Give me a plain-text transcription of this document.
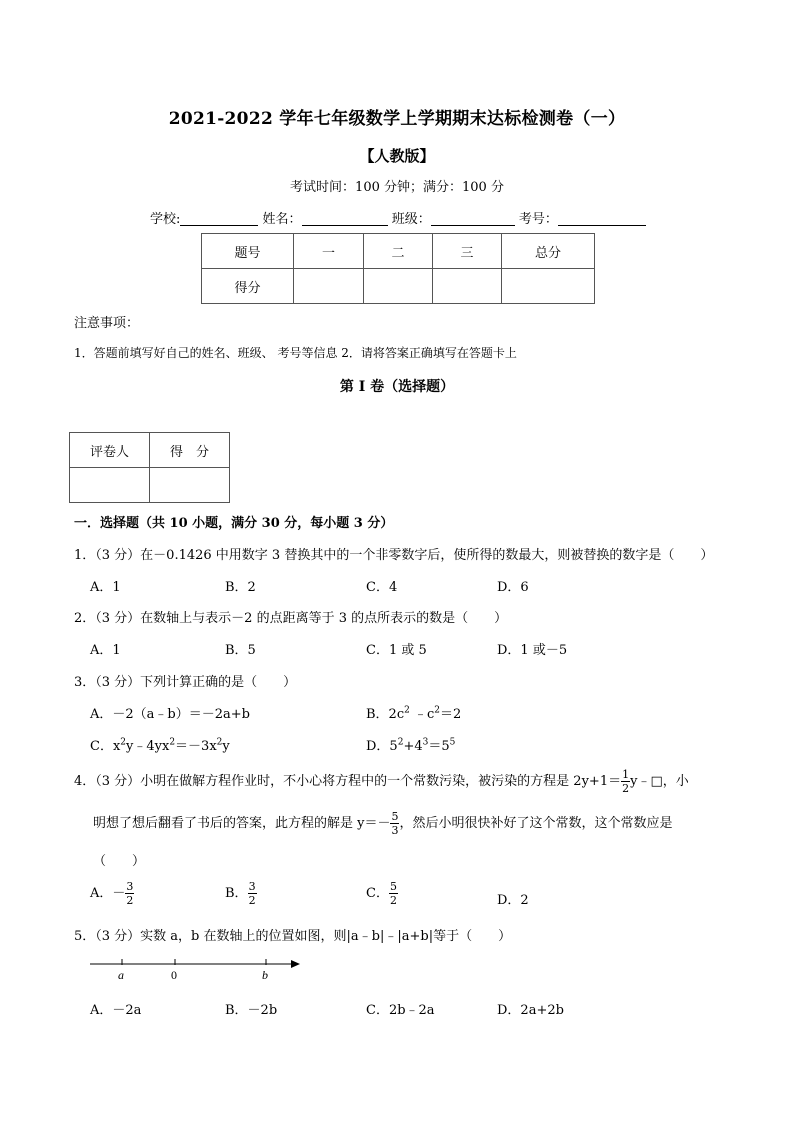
2021-2022 学年七年级数学上学期期末达标检测卷（一）
【人教版】
考试时间：100 分钟；满分：100 分
学校:	姓名：	班级：	考号：
题号	一	二	三	总分
得分				
注意事项：
1．答题前填写好自己的姓名、班级、 考号等信息 2．请将答案正确填写在答题卡上
第 I 卷（选择题）
评卷人	得　分

一．选择题（共 10 小题，满分 30 分，每小题 3 分）
1．（3 分）在－0.1426 中用数字 3 替换其中的一个非零数字后，使所得的数最大，则被替换的数字是（　　）
A．1	B．2	C．4	D．6
2．（3 分）在数轴上与表示－2 的点距离等于 3 的点所表示的数是（　　）
A．1	B．5	C．1 或 5	D．1 或－5
3．（3 分）下列计算正确的是（　　）
A．－2（a﹣b）＝－2a+b	B．$2c^2$ $﹣c^2=2$
C．$x^2y﹣4yx^2=-3x^2y$	D．$5^2+4^3=5^5$
4．（3 分）小明在做解方程作业时，不小心将方程中的一个常数污染，被污染的方程是 $2y+1= \frac{1}{2}$ y﹣□，小
明想了想后翻看了书后的答案，此方程的解是 $y=- \frac{5}{3}$ ，然后小明很快补好了这个常数，这个常数应是
（　　）
A．－ $\frac{3}{2}$	B． $\frac{3}{2}$	C． $\frac{5}{2}$	D．2
5．（3 分）实数 a，b 在数轴上的位置如图，则|a﹣b|﹣|a+b|等于（　　）
a	0	b
A．－2a	B．－2b	C．2b﹣2a	D．2a+2b
